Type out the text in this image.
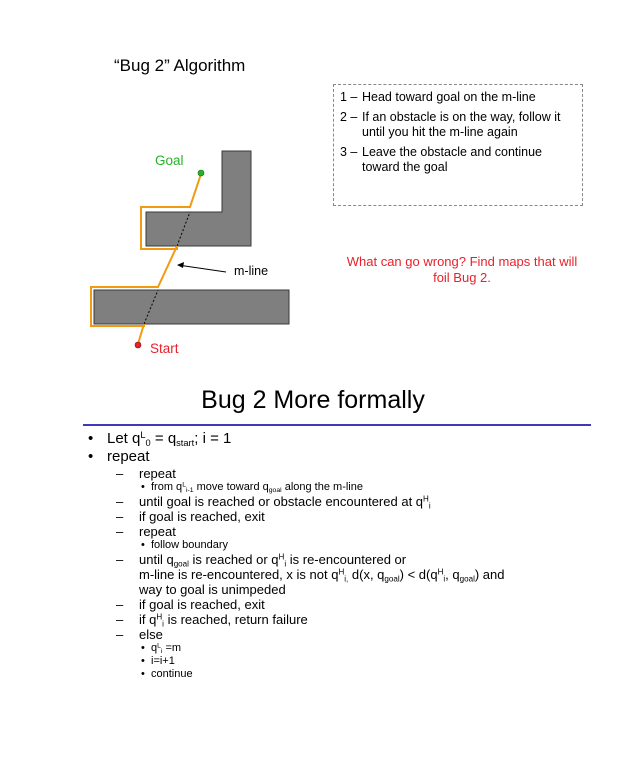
“Bug 2” Algorithm
1 – Head toward goal on the m-line
2 – If an obstacle is on the way, follow it until you hit the m-line again
3 – Leave the obstacle and continue toward the goal
What can go wrong? Find maps that will foil Bug 2.
Goal
Start
m-line
Bug 2 More formally
• Let $q^L_0 = q_{start}$; i = 1
• repeat
– repeat
• from $q^L_{i-1}$ move toward $q_{goal}$ along the m-line
– until goal is reached or obstacle encountered at $q^H_i$
– if goal is reached, exit
– repeat
• follow boundary
– until $q_{goal}$ is reached or $q^H_i$ is re-encountered or
m-line is re-encountered, x is not $q^H_{i,}$ d(x, $q_{goal}) < d(q^H_i$, $q_{goal}$) and
way to goal is unimpeded
– if goal is reached, exit
– if $q^H_i$ is reached, return failure
– else
• $q^L_i =m$
• i=i+1
• continue
